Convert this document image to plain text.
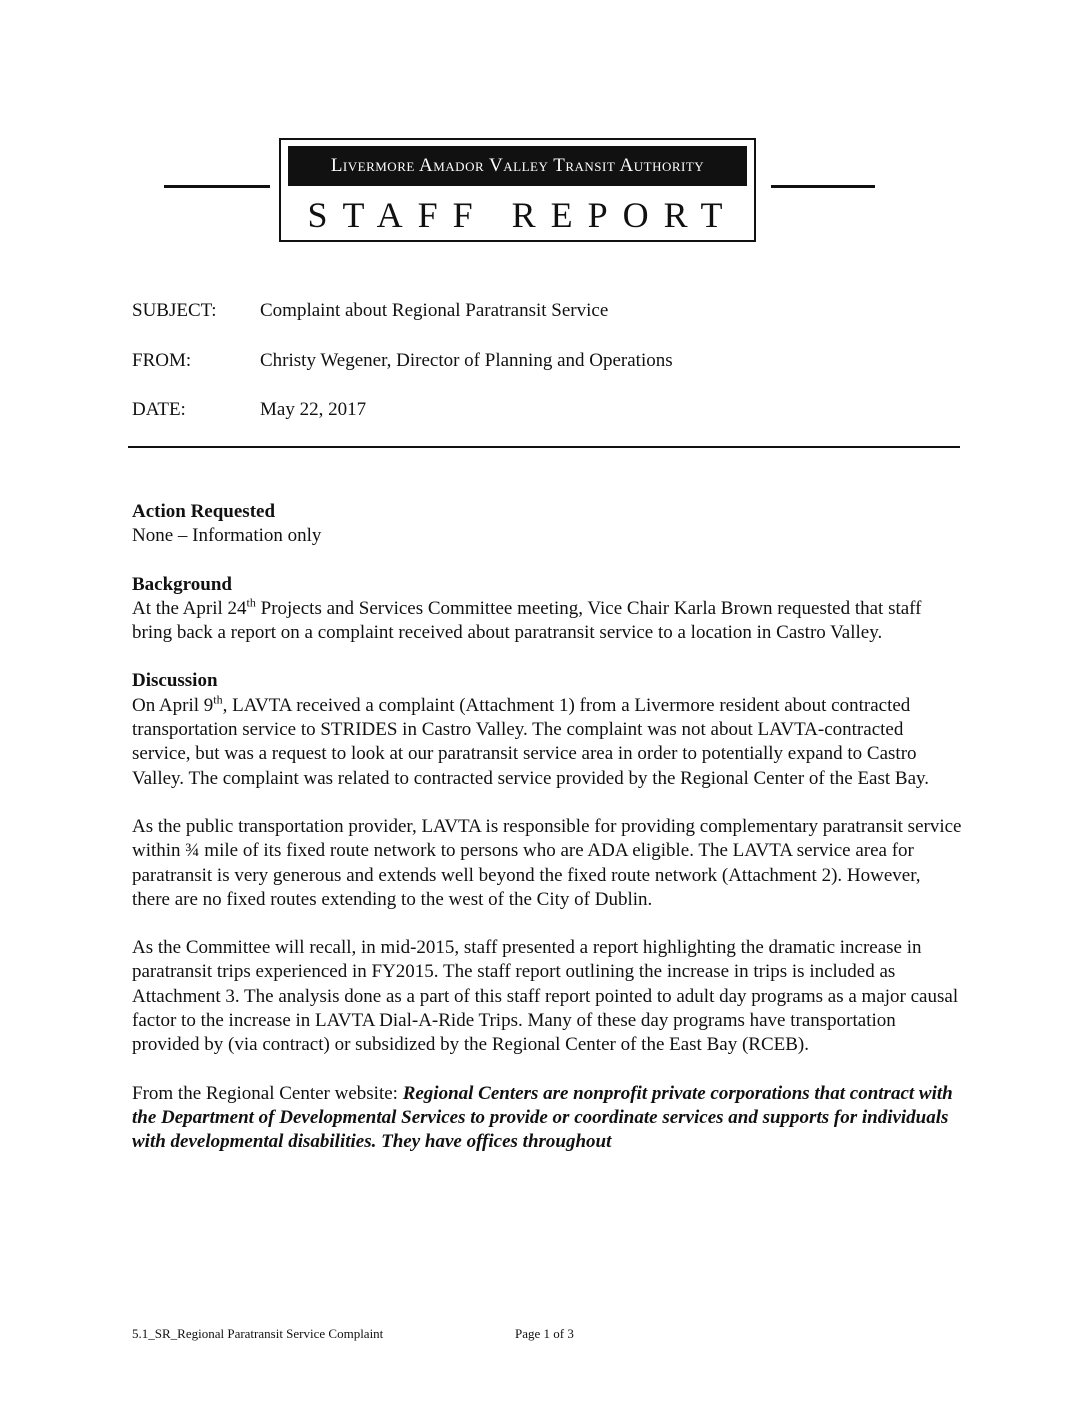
Livermore Amador Valley Transit Authority
STAFF REPORT
SUBJECT:	Complaint about Regional Paratransit Service
FROM:	Christy Wegener, Director of Planning and Operations
DATE:	May 22, 2017
Action Requested

None – Information only

Background

At the April 24th Projects and Services Committee meeting, Vice Chair Karla Brown requested that staff bring back a report on a complaint received about paratransit service to a location in Castro Valley.

Discussion

On April 9th, LAVTA received a complaint (Attachment 1) from a Livermore resident about contracted transportation service to STRIDES in Castro Valley. The complaint was not about LAVTA-contracted service, but was a request to look at our paratransit service area in order to potentially expand to Castro Valley. The complaint was related to contracted service provided by the Regional Center of the East Bay.

As the public transportation provider, LAVTA is responsible for providing complementary paratransit service within ¾ mile of its fixed route network to persons who are ADA eligible. The LAVTA service area for paratransit is very generous and extends well beyond the fixed route network (Attachment 2). However, there are no fixed routes extending to the west of the City of Dublin.

As the Committee will recall, in mid-2015, staff presented a report highlighting the dramatic increase in paratransit trips experienced in FY2015. The staff report outlining the increase in trips is included as Attachment 3. The analysis done as a part of this staff report pointed to adult day programs as a major causal factor to the increase in LAVTA Dial-A-Ride Trips. Many of these day programs have transportation provided by (via contract) or subsidized by the Regional Center of the East Bay (RCEB).

From the Regional Center website: Regional Centers are nonprofit private corporations that contract with the Department of Developmental Services to provide or coordinate services and supports for individuals with developmental disabilities. They have offices throughout

5.1_SR_Regional Paratransit Service Complaint	Page 1 of 3
